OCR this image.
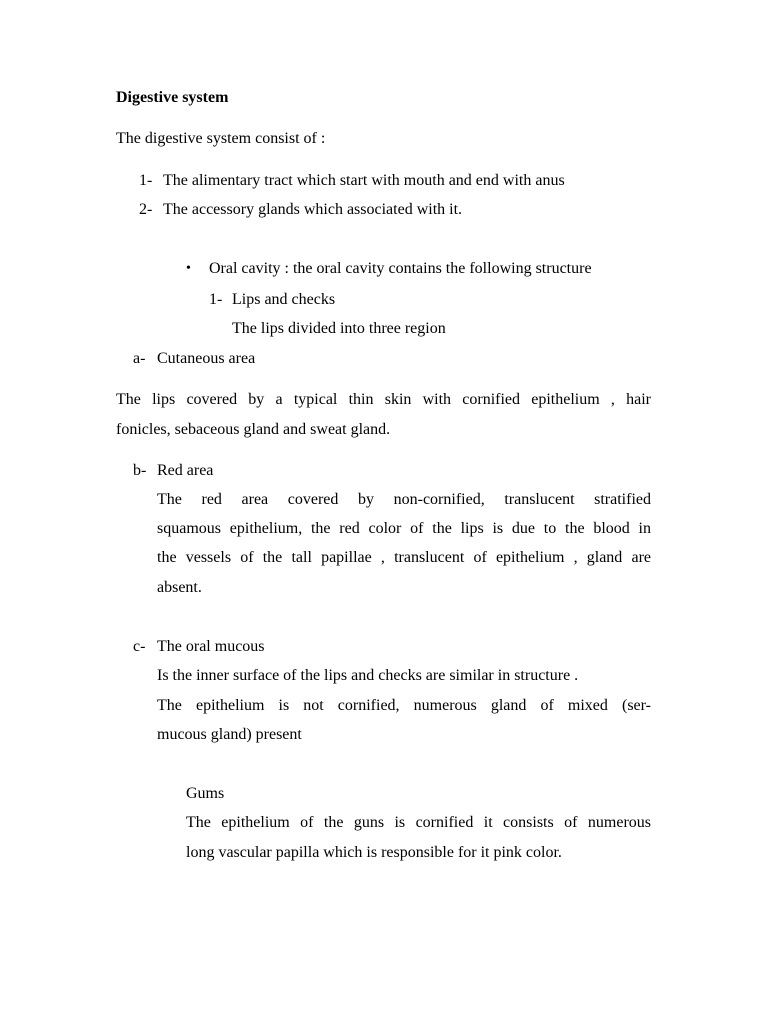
Digestive system
The digestive system consist of :
1- The alimentary tract which start with mouth and end with anus
2- The accessory glands which associated with it.
• Oral cavity : the oral cavity contains the following structure
1- Lips and checks
The lips divided into three region
a- Cutaneous area
The lips covered by a typical thin skin with cornified epithelium , hair
fonicles, sebaceous gland and sweat gland.
b- Red area
The red area covered by non-cornified, translucent stratified
squamous epithelium, the red color of the lips is due to the blood in
the vessels of the tall papillae , translucent of epithelium , gland are
absent.
c- The oral mucous
Is the inner surface of the lips and checks are similar in structure .
The epithelium is not cornified, numerous gland of mixed (ser-
mucous gland) present
Gums
The epithelium of the guns is cornified it consists of numerous
long vascular papilla which is responsible for it pink color.
